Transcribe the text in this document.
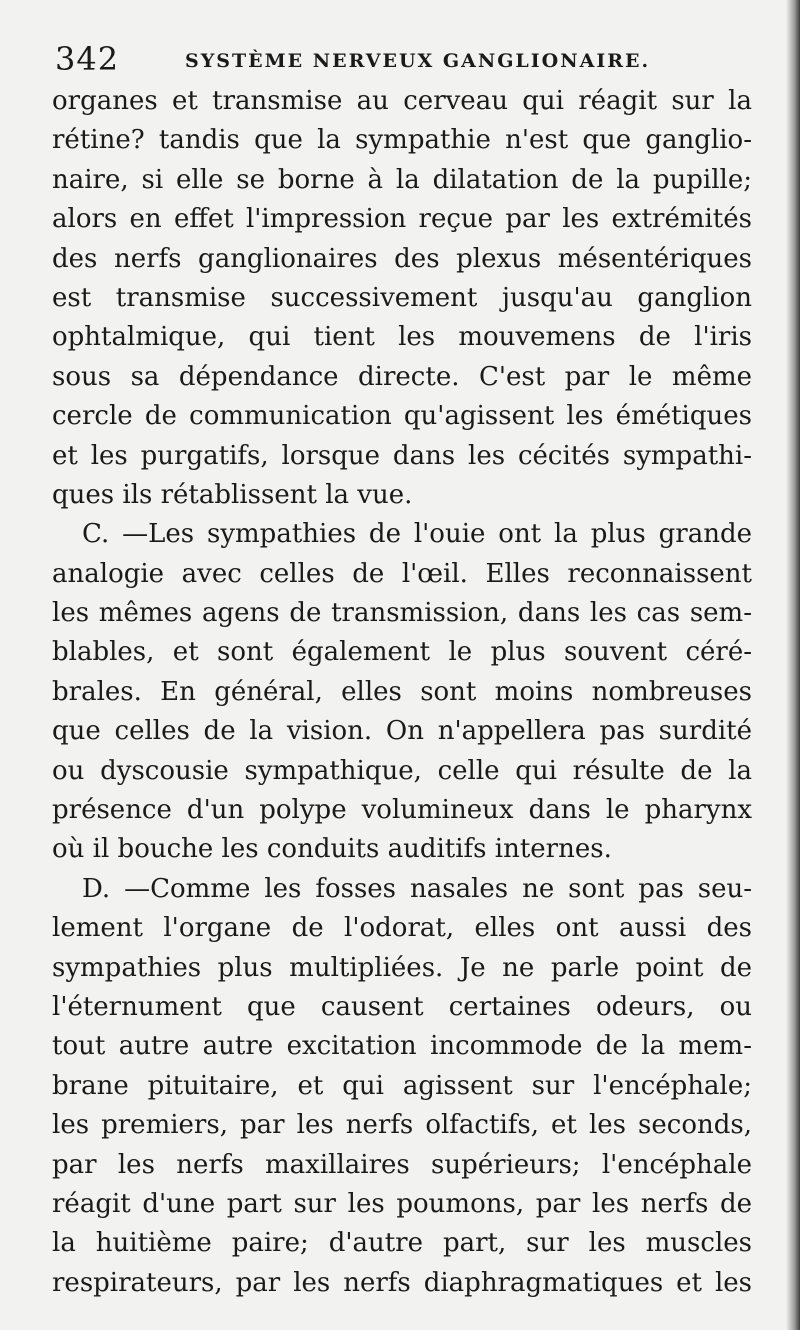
342	SYSTÈME NERVEUX GANGLIONAIRE.
organes et transmise au cerveau qui réagit sur la
rétine? tandis que la sympathie n'est que ganglio-
naire, si elle se borne à la dilatation de la pupille;
alors en effet l'impression reçue par les extrémités
des nerfs ganglionaires des plexus mésentériques
est transmise successivement jusqu'au ganglion
ophtalmique, qui tient les mouvemens de l'iris
sous sa dépendance directe. C'est par le même
cercle de communication qu'agissent les émétiques
et les purgatifs, lorsque dans les cécités sympathi-
ques ils rétablissent la vue.
C. —Les sympathies de l'ouie ont la plus grande
analogie avec celles de l'œil. Elles reconnaissent
les mêmes agens de transmission, dans les cas sem-
blables, et sont également le plus souvent céré-
brales. En général, elles sont moins nombreuses
que celles de la vision. On n'appellera pas surdité
ou dyscousie sympathique, celle qui résulte de la
présence d'un polype volumineux dans le pharynx
où il bouche les conduits auditifs internes.
D. —Comme les fosses nasales ne sont pas seu-
lement l'organe de l'odorat, elles ont aussi des
sympathies plus multipliées. Je ne parle point de
l'éternument que causent certaines odeurs, ou
tout autre autre excitation incommode de la mem-
brane pituitaire, et qui agissent sur l'encéphale;
les premiers, par les nerfs olfactifs, et les seconds,
par les nerfs maxillaires supérieurs; l'encéphale
réagit d'une part sur les poumons, par les nerfs de
la huitième paire; d'autre part, sur les muscles
respirateurs, par les nerfs diaphragmatiques et les
